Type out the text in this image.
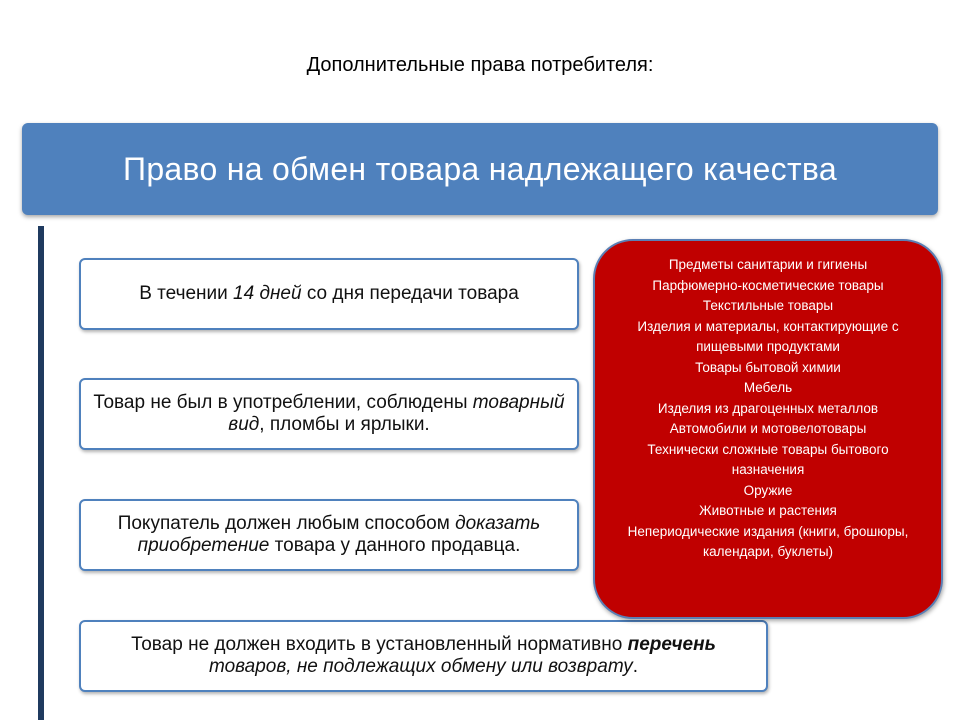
Дополнительные права потребителя:
Право на обмен товара надлежащего качества
В течении 14 дней со дня передачи товара
Товар не был в употреблении, соблюдены товарный вид, пломбы и ярлыки.
Покупатель должен любым способом доказать приобретение товара у данного продавца.
Товар не должен входить в установленный нормативно перечень товаров, не подлежащих обмену или возврату.
Предметы санитарии и гигиены
Парфюмерно-косметические товары
Текстильные товары
Изделия и материалы, контактирующие с пищевыми продуктами
Товары бытовой химии
Мебель
Изделия из драгоценных металлов
Автомобили и мотовелотовары
Технически сложные товары бытового назначения
Оружие
Животные и растения
Непериодические издания (книги, брошюры, календари, буклеты)
